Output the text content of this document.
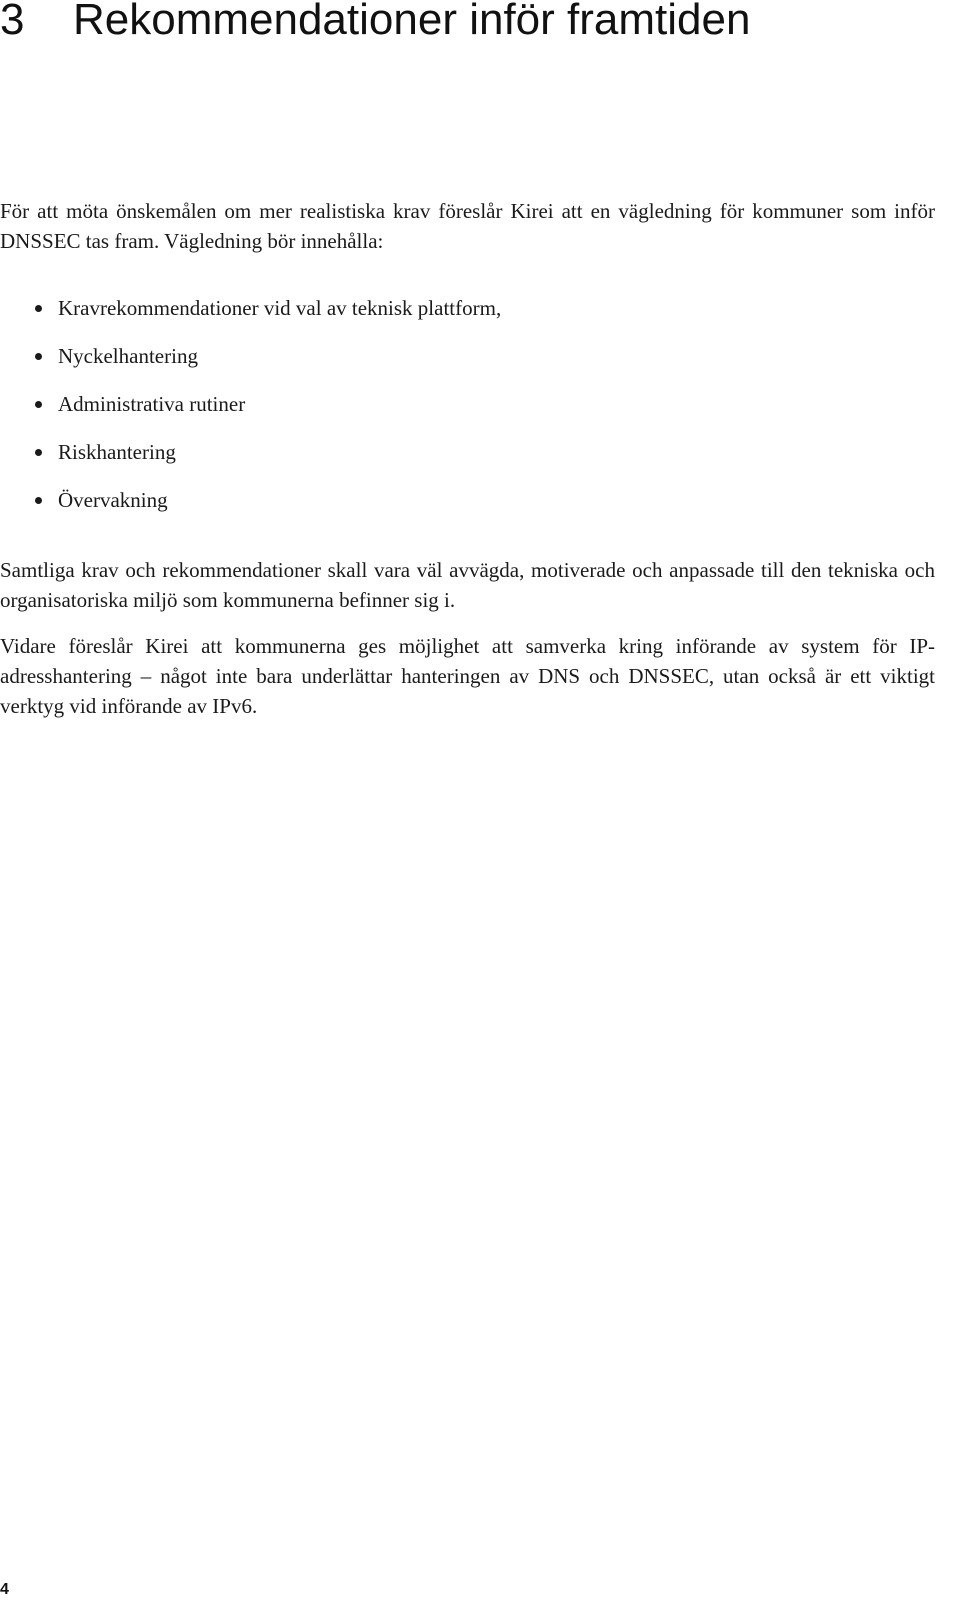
3 Rekommendationer inför framtiden

För att möta önskemålen om mer realistiska krav föreslår Kirei att en vägledning för kommuner som inför DNSSEC tas fram. Vägledning bör innehålla:

Kravrekommendationer vid val av teknisk plattform,
Nyckelhantering
Administrativa rutiner
Riskhantering
Övervakning

Samtliga krav och rekommendationer skall vara väl avvägda, motiverade och anpassade till den tekniska och organisatoriska miljö som kommunerna befinner sig i.

Vidare föreslår Kirei att kommunerna ges möjlighet att samverka kring införande av system för IP-adresshantering – något inte bara underlättar hanteringen av DNS och DNSSEC, utan också är ett viktigt verktyg vid införande av IPv6.

4
